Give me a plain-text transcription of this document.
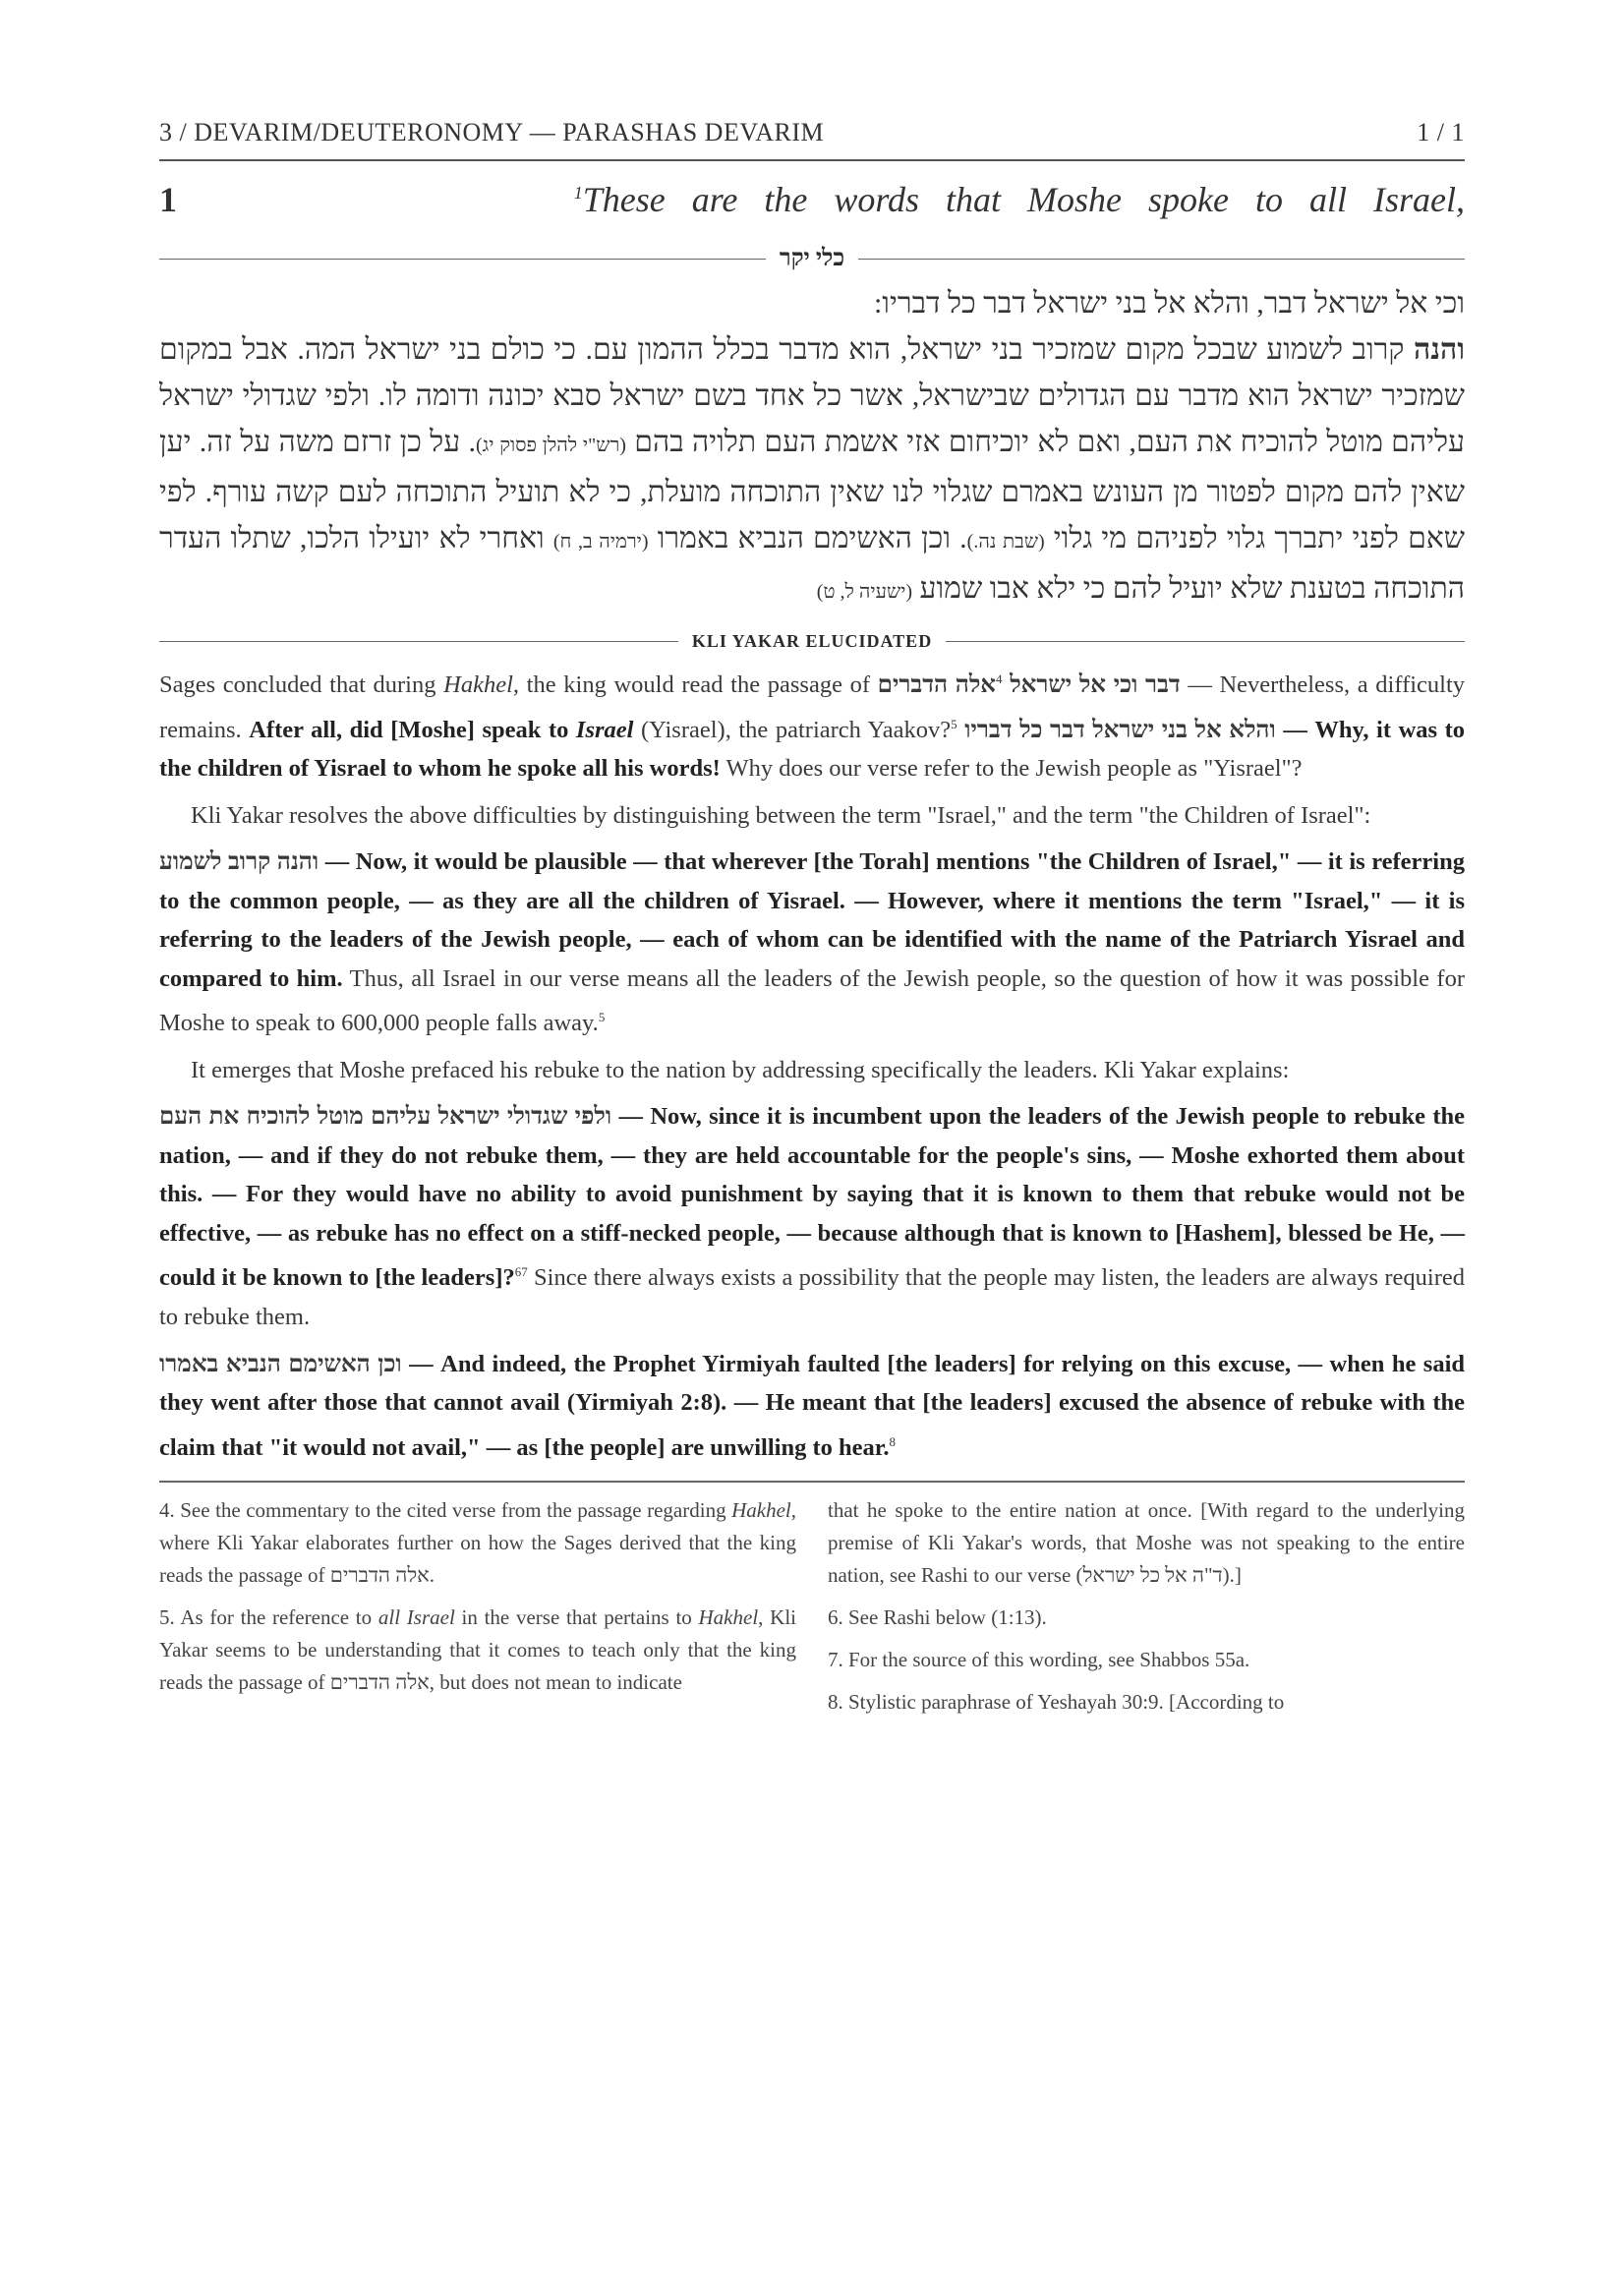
3 / DEVARIM/DEUTERONOMY — PARASHAS DEVARIM	1 / 1
1	$^1$These are the words that Moshe spoke to all Israel,
כלי יקר

וכי אל ישראל דבר, והלא אל בני ישראל דבר כל דבריו:

והנה קרוב לשמוע שבכל מקום שמזכיר בני ישראל, הוא מדבר בכלל ההמון עם. כי כולם בני ישראל המה. אבל במקום שמזכיר ישראל הוא מדבר עם הגדולים שבישראל, אשר כל אחד בשם ישראל סבא יכונה ודומה לו. ולפי שגדולי ישראל עליהם מוטל להוכיח את העם, ואם לא יוכיחום אזי אשמת העם תלויה בהם (רש"י להלן פסוק יג). על כן זרזם משה על זה. יען שאין להם מקום לפטור מן העונש באמרם שגלוי לנו שאין התוכחה מועלת, כי לא תועיל התוכחה לעם קשה עורף. לפי שאם לפני יתברך גלוי לפניהם מי גלוי (שבת נה.). וכן האשימם הנביא באמרו (ירמיה ב, ח) ואחרי לא יועילו הלכו, שתלו העדר התוכחה בטענת שלא יועיל להם כי ילא אבו שמוע (ישעיה ל, ט)

KLI YAKAR ELUCIDATED

Sages concluded that during Hakhel, the king would read the passage of אלה הדברים$^4$ וכי אל ישראל דבר — Nevertheless, a difficulty remains. After all, did [Moshe] speak to Israel (Yisrael), the patriarch Yaakov?$^5$ והלא אל בני ישראל דבר כל דבריו — Why, it was to the children of Yisrael to whom he spoke all his words! Why does our verse refer to the Jewish people as "Yisrael"?

Kli Yakar resolves the above difficulties by distinguishing between the term "Israel," and the term "the Children of Israel":

והנה קרוב לשמוע — Now, it would be plausible — that wherever [the Torah] mentions "the Children of Israel," — it is referring to the common people, — as they are all the children of Yisrael. — However, where it mentions the term "Israel," — it is referring to the leaders of the Jewish people, — each of whom can be identified with the name of the Patriarch Yisrael and compared to him. Thus, all Israel in our verse means all the leaders of the Jewish people, so the question of how it was possible for Moshe to speak to 600,000 people falls away.$^5$

It emerges that Moshe prefaced his rebuke to the nation by addressing specifically the leaders. Kli Yakar explains:

ולפי שגדולי ישראל עליהם מוטל להוכיח את העם — Now, since it is incumbent upon the leaders of the Jewish people to rebuke the nation, — and if they do not rebuke them, — they are held accountable for the people's sins, — Moshe exhorted them about this. — For they would have no ability to avoid punishment by saying that it is known to them that rebuke would not be effective, — as rebuke has no effect on a stiff-necked people, — because although that is known to [Hashem], blessed be He, — could it be known to [the leaders]?$^{67}$ Since there always exists a possibility that the people may listen, the leaders are always required to rebuke them.

וכן האשימם הנביא באמרו — And indeed, the Prophet Yirmiyah faulted [the leaders] for relying on this excuse, — when he said they went after those that cannot avail (Yirmiyah 2:8). — He meant that [the leaders] excused the absence of rebuke with the claim that "it would not avail," — as [the people] are unwilling to hear.$^8$

4. See the commentary to the cited verse from the passage regarding Hakhel, where Kli Yakar elaborates further on how the Sages derived that the king reads the passage of אלה הדברים.

5. As for the reference to all Israel in the verse that pertains to Hakhel, Kli Yakar seems to be understanding that it comes to teach only that the king reads the passage of אלה הדברים, but does not mean to indicate

that he spoke to the entire nation at once. [With regard to the underlying premise of Kli Yakar's words, that Moshe was not speaking to the entire nation, see Rashi to our verse (ד"ה אל כל ישראל).]

6. See Rashi below (1:13).

7. For the source of this wording, see Shabbos 55a.

8. Stylistic paraphrase of Yeshayah 30:9. [According to
